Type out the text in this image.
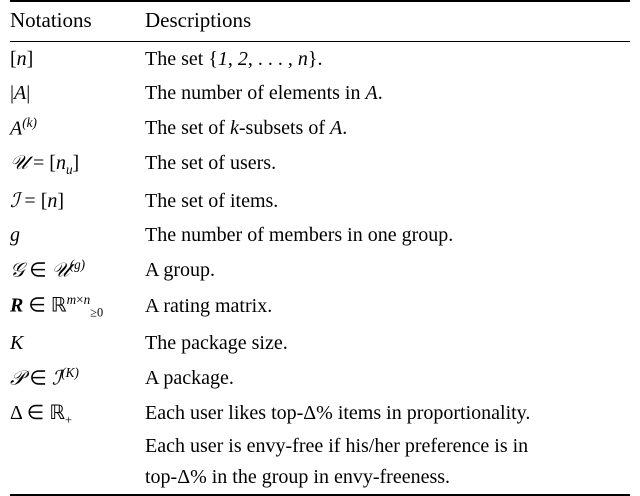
Notations	Descriptions
[n]	The set {1, 2, . . . , n}.
|A|	The number of elements in A.
$A^{(k)}$	The set of k-subsets of A.
𝒰 = $[n_u]$	The set of users.
ℐ = [n]	The set of items.
g	The number of members in one group.
𝒢 ∈ 𝒰$^{(g)}$	A group.
R ∈ ℝ$^{m\times n}_{\ge 0}$	A rating matrix.
K	The package size.
𝒫 ∈ ℐ$^{(K)}$	A package.
Δ ∈ ℝ$_+$	Each user likes top-Δ% items in proportionality.
	Each user is envy-free if his/her preference is in
	top-Δ% in the group in envy-freeness.
